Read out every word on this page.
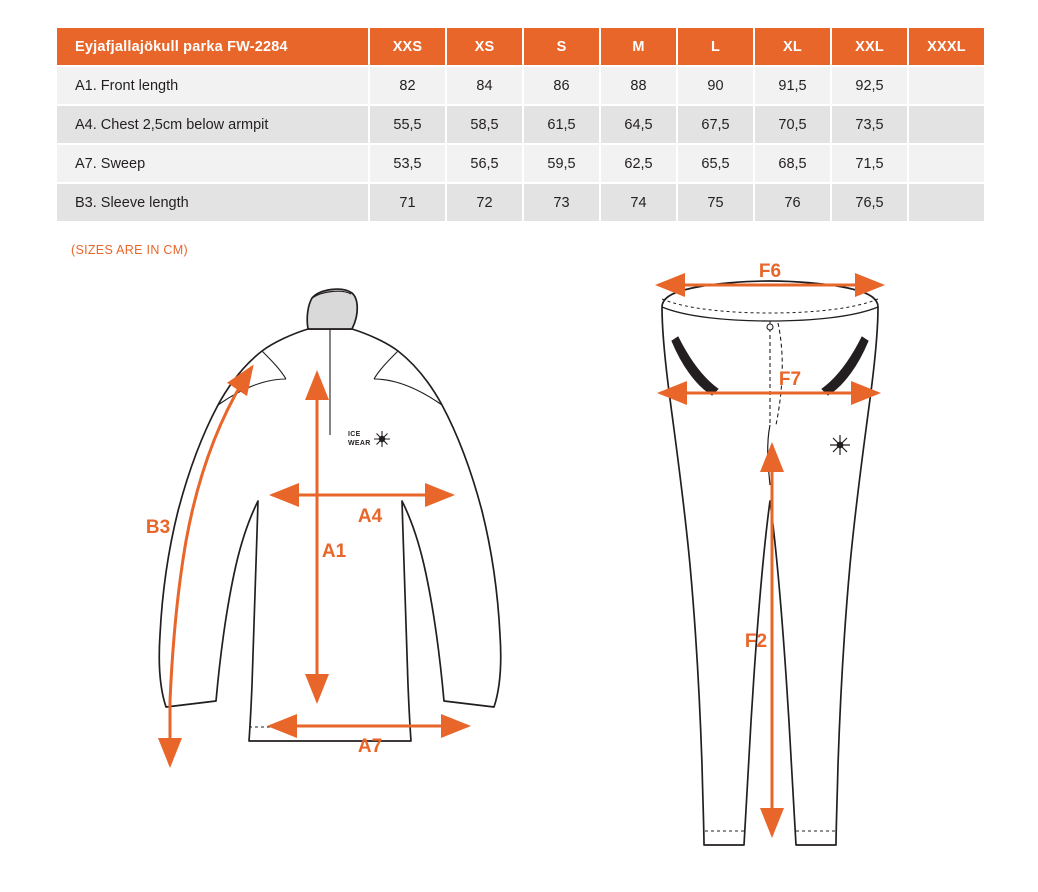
Eyjafjallajökull parka FW-2284	XXS	XS	S	M	L	XL	XXL	XXXL
A1. Front length	82	84	86	88	90	91,5	92,5	
A4. Chest 2,5cm below armpit	55,5	58,5	61,5	64,5	67,5	70,5	73,5	
A7. Sweep	53,5	56,5	59,5	62,5	65,5	68,5	71,5	
B3. Sleeve length	71	72	73	74	75	76	76,5	
(SIZES ARE IN CM)
ICE
WEAR
B3
A4
A1
A7
F6
F7
F2
